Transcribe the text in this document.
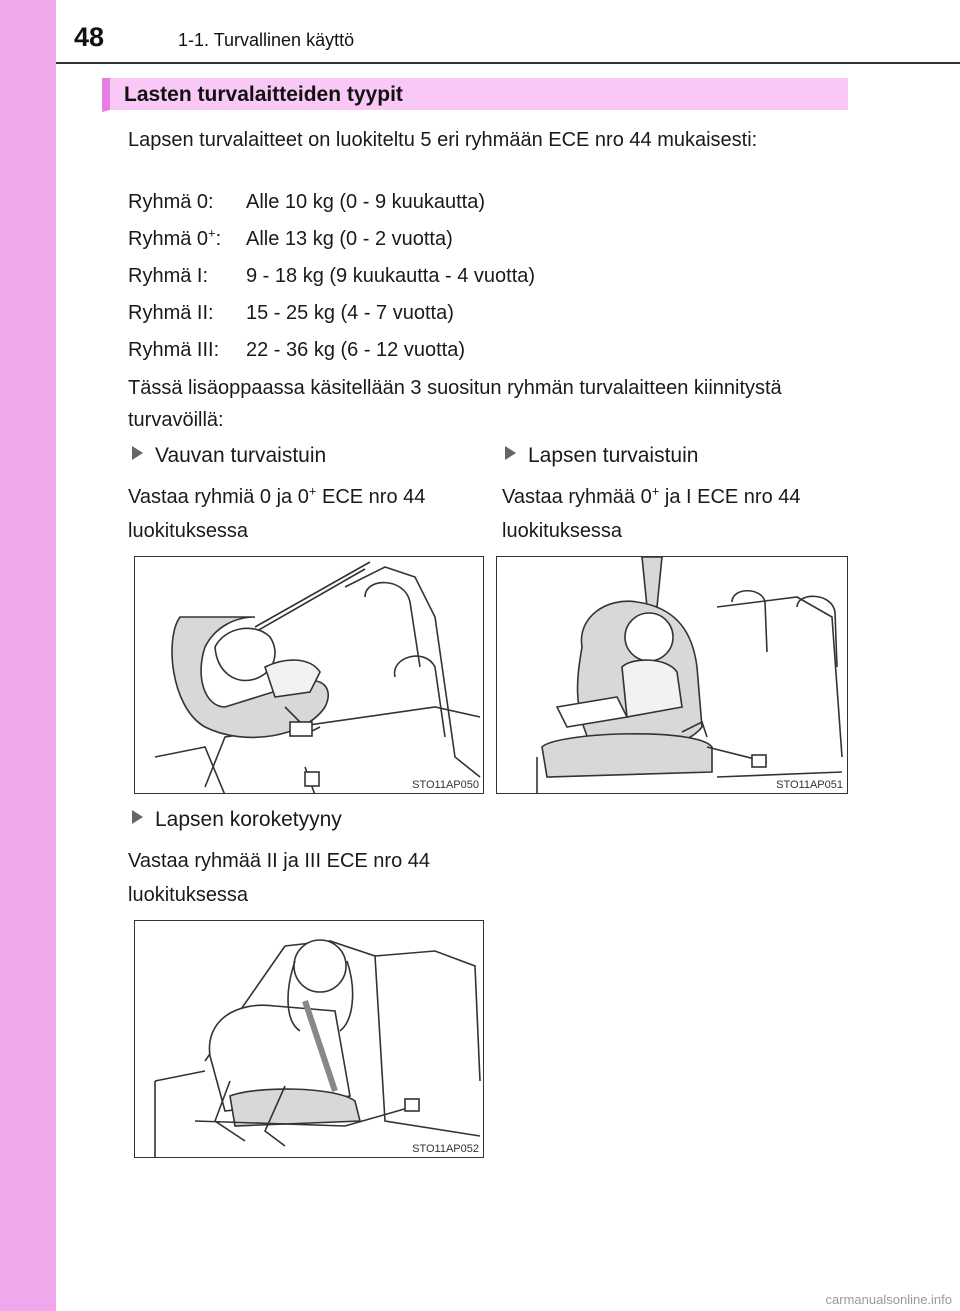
48	1-1. Turvallinen käyttö
Lasten turvalaitteiden tyypit
Lapsen turvalaitteet on luokiteltu 5 eri ryhmään ECE nro 44 mukaisesti:
Ryhmä 0: Alle 10 kg (0 - 9 kuukautta)
Ryhmä 0+: Alle 13 kg (0 - 2 vuotta)
Ryhmä I: 9 - 18 kg (9 kuukautta - 4 vuotta)
Ryhmä II: 15 - 25 kg (4 - 7 vuotta)
Ryhmä III: 22 - 36 kg (6 - 12 vuotta)
Tässä lisäoppaassa käsitellään 3 suositun ryhmän turvalaitteen kiinnitystä turvavöillä:
Vauvan turvaistuin
Vastaa ryhmiä 0 ja 0+ ECE nro 44 luokituksessa
Lapsen turvaistuin
Vastaa ryhmää 0+ ja I ECE nro 44 luokituksessa
STO11AP050	STO11AP051
Lapsen koroketyyny
Vastaa ryhmää II ja III ECE nro 44 luokituksessa
STO11AP052
carmanualsonline.info
